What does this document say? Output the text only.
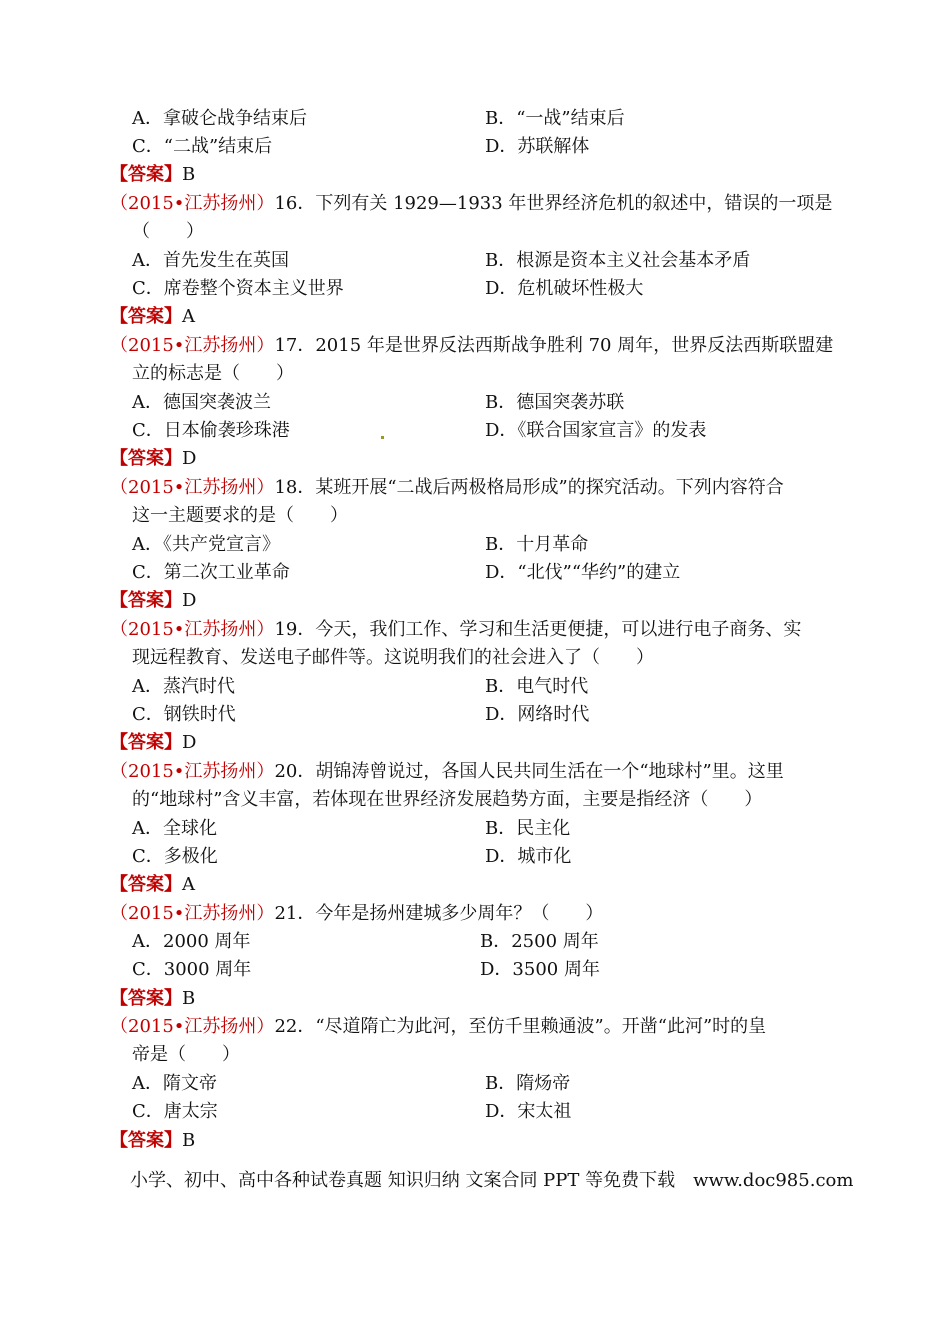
A．拿破仑战争结束后	B．“一战”结束后
C．“二战”结束后	D．苏联解体
【答案】B
（2015•江苏扬州）16．下列有关 1929—1933 年世界经济危机的叙述中，错误的一项是
（　　）
A．首先发生在英国	B．根源是资本主义社会基本矛盾
C．席卷整个资本主义世界	D．危机破坏性极大
【答案】A
（2015•江苏扬州）17．2015 年是世界反法西斯战争胜利 70 周年，世界反法西斯联盟建
立的标志是（　　）
A．德国突袭波兰	B．德国突袭苏联
C．日本偷袭珍珠港	D．《联合国家宣言》的发表
【答案】D
（2015•江苏扬州）18．某班开展“二战后两极格局形成”的探究活动。下列内容符合
这一主题要求的是（　　）
A．《共产党宣言》	B．十月革命
C．第二次工业革命	D．“北伐”“华约”的建立
【答案】D
（2015•江苏扬州）19．今天，我们工作、学习和生活更便捷，可以进行电子商务、实
现远程教育、发送电子邮件等。这说明我们的社会进入了（　　）
A．蒸汽时代	B．电气时代
C．钢铁时代	D．网络时代
【答案】D
（2015•江苏扬州）20．胡锦涛曾说过，各国人民共同生活在一个“地球村”里。这里
的“地球村”含义丰富，若体现在世界经济发展趋势方面，主要是指经济（　　）
A．全球化	B．民主化
C．多极化	D．城市化
【答案】A
（2015•江苏扬州）21．今年是扬州建城多少周年？（　　）
A．2000 周年	B．2500 周年
C．3000 周年	D．3500 周年
【答案】B
（2015•江苏扬州）22．“尽道隋亡为此河，至仿千里赖通波”。开凿“此河”时的皇
帝是（　　）
A．隋文帝	B．隋炀帝
C．唐太宗	D．宋太祖
【答案】B
小学、初中、高中各种试卷真题 知识归纳 文案合同 PPT 等免费下载　www.doc985.com
